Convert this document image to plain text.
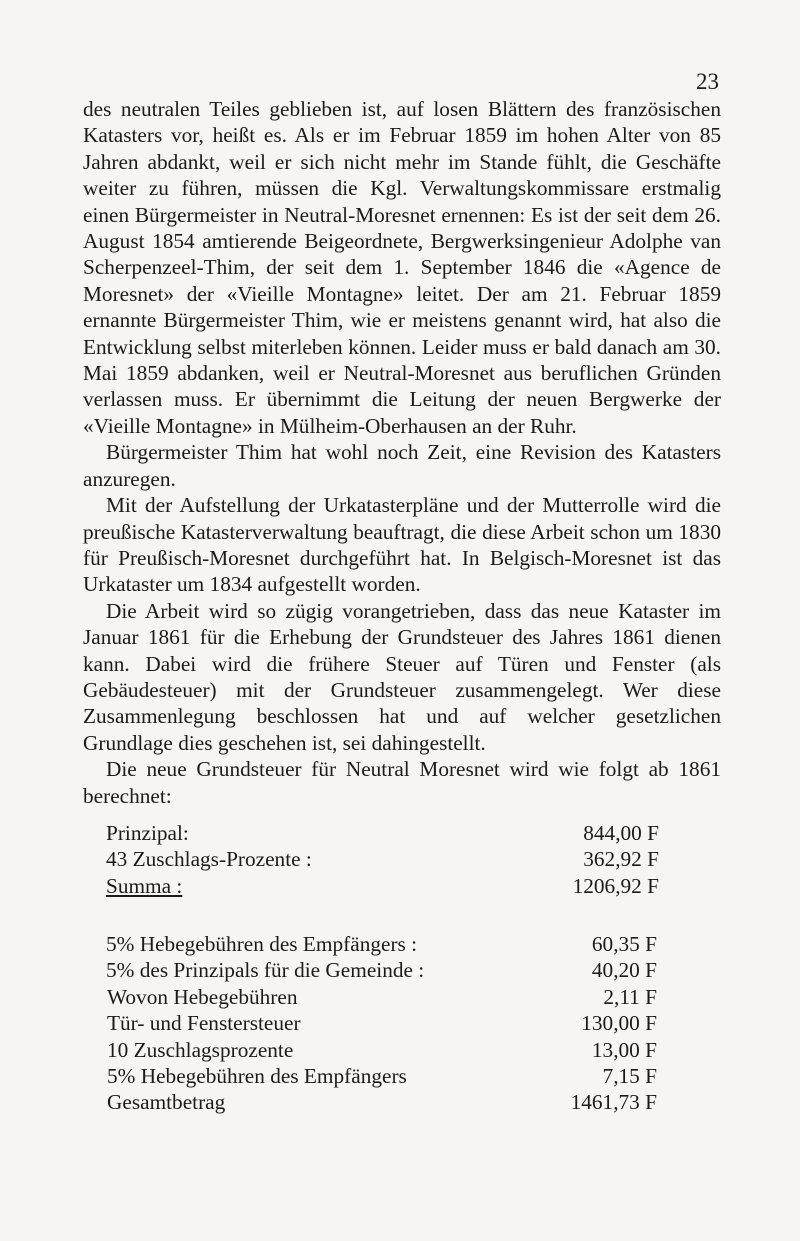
23

des neutralen Teiles geblieben ist, auf losen Blättern des französischen Katasters vor, heißt es. Als er im Februar 1859 im hohen Alter von 85 Jahren abdankt, weil er sich nicht mehr im Stande fühlt, die Geschäfte weiter zu führen, müssen die Kgl. Verwaltungskommissare erstmalig einen Bürgermeister in Neutral-Moresnet ernennen: Es ist der seit dem 26. August 1854 amtierende Beigeordnete, Bergwerksingenieur Adolphe van Scherpenzeel-Thim, der seit dem 1. September 1846 die «Agence de Moresnet» der «Vieille Montagne» leitet. Der am 21. Februar 1859 ernannte Bürgermeister Thim, wie er meistens genannt wird, hat also die Entwicklung selbst miterleben können. Leider muss er bald danach am 30. Mai 1859 abdanken, weil er Neutral-Moresnet aus beruflichen Gründen verlassen muss. Er übernimmt die Leitung der neuen Bergwerke der «Vieille Montagne» in Mülheim-Oberhausen an der Ruhr.

Bürgermeister Thim hat wohl noch Zeit, eine Revision des Katasters anzuregen.

Mit der Aufstellung der Urkatasterpläne und der Mutterrolle wird die preußische Katasterverwaltung beauftragt, die diese Arbeit schon um 1830 für Preußisch-Moresnet durchgeführt hat. In Belgisch-Moresnet ist das Urkataster um 1834 aufgestellt worden.

Die Arbeit wird so zügig vorangetrieben, dass das neue Kataster im Januar 1861 für die Erhebung der Grundsteuer des Jahres 1861 dienen kann. Dabei wird die frühere Steuer auf Türen und Fenster (als Gebäudesteuer) mit der Grundsteuer zusammengelegt. Wer diese Zusammenlegung beschlossen hat und auf welcher gesetzlichen Grundlage dies geschehen ist, sei dahingestellt.

Die neue Grundsteuer für Neutral Moresnet wird wie folgt ab 1861 berechnet:

Prinzipal:	844,00 F
43 Zuschlags-Prozente :	362,92 F
Summa :	1206,92 F
5% Hebegebühren des Empfängers :	60,35 F
5% des Prinzipals für die Gemeinde :	40,20 F
Wovon Hebegebühren	2,11 F
Tür- und Fenstersteuer	130,00 F
10 Zuschlagsprozente	13,00 F
5% Hebegebühren des Empfängers	7,15 F
Gesamtbetrag	1461,73 F
